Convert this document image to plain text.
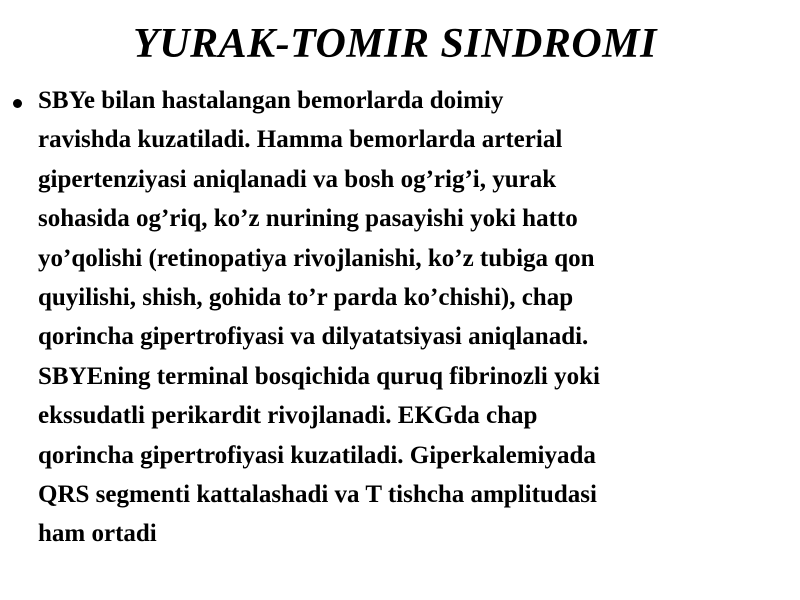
YURAK-TOMIR SINDROMI
SBYe bilan hastalangan bemorlarda doimiy
ravishda kuzatiladi. Hamma bemorlarda arterial
gipertenziyasi aniqlanadi va bosh og’rig’i, yurak
sohasida og’riq, ko’z nurining pasayishi yoki hatto
yo’qolishi (retinopatiya rivojlanishi, ko’z tubiga qon
quyilishi, shish, gohida to’r parda ko’chishi), chap
qorincha gipertrofiyasi va dilyatatsiyasi aniqlanadi.
SBYEning terminal bosqichida quruq fibrinozli yoki
ekssudatli perikardit rivojlanadi. EKGda chap
qorincha gipertrofiyasi kuzatiladi. Giperkalemiyada
QRS segmenti kattalashadi va T tishcha amplitudasi
ham ortadi
